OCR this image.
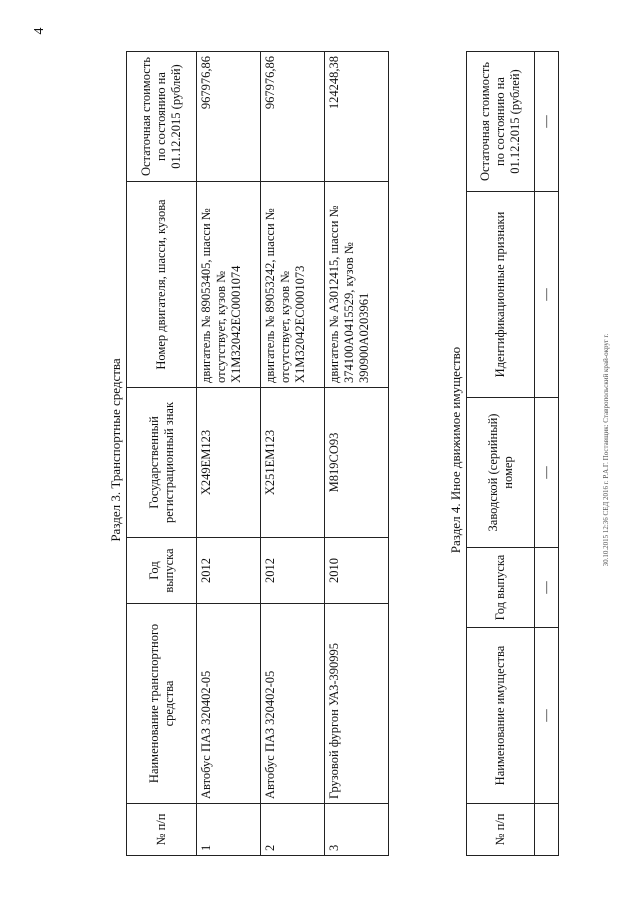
4
30.10.2015 12:36 СЕД 2016 г. Р.А.Г. Поставщик: Ставропольский край-округ г.
Раздел 3. Транспортные средства
№ п/п	Наименование транспортного средства	Год выпуска	Государственный регистрационный знак	Номер двигателя, шасси, кузова	Остаточная стоимость по состоянию на 01.12.2015 (рублей)
1	Автобус ПАЗ 320402-05	2012	Х249ЕМ123	двигатель № 89053405, шасси № отсутствует, кузов № Х1М32042ЕС0001074	967976,86
2	Автобус ПАЗ 320402-05	2012	Х251ЕМ123	двигатель № 89053242, шасси № отсутствует, кузов № Х1М32042ЕС0001073	967976,86
3	Грузовой фургон УАЗ-390995	2010	М819СО93	двигатель № А3012415, шасси № 374100А0415529, кузов № 390900А0203961	124248,38
Раздел 4. Иное движимое имущество
№ п/п	Наименование имущества	Год выпуска	Заводской (серийный) номер	Идентификационные признаки	Остаточная стоимость по состоянию на 01.12.2015 (рублей)
	—	—	—	—	—
